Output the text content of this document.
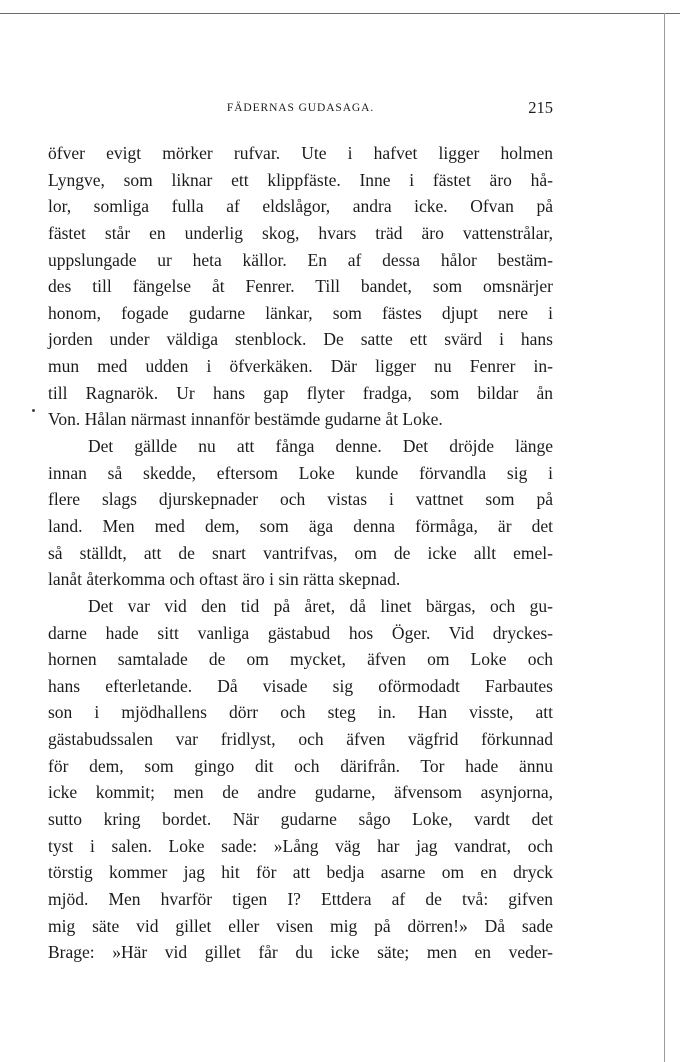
FÄDERNAS GUDASAGA.	215
öfver evigt mörker rufvar. Ute i hafvet ligger holmen
Lyngve, som liknar ett klippfäste. Inne i fästet äro hå-
lor, somliga fulla af eldslågor, andra icke. Ofvan på
fästet står en underlig skog, hvars träd äro vattenstrålar,
uppslungade ur heta källor. En af dessa hålor bestäm-
des till fängelse åt Fenrer. Till bandet, som omsnärjer
honom, fogade gudarne länkar, som fästes djupt nere i
jorden under väldiga stenblock. De satte ett svärd i hans
mun med udden i öfverkäken. Där ligger nu Fenrer in-
till Ragnarök. Ur hans gap flyter fradga, som bildar ån
Von. Hålan närmast innanför bestämde gudarne åt Loke.
Det gällde nu att fånga denne. Det dröjde länge
innan så skedde, eftersom Loke kunde förvandla sig i
flere slags djurskepnader och vistas i vattnet som på
land. Men med dem, som äga denna förmåga, är det
så ställdt, att de snart vantrifvas, om de icke allt emel-
lanåt återkomma och oftast äro i sin rätta skepnad.
Det var vid den tid på året, då linet bärgas, och gu-
darne hade sitt vanliga gästabud hos Öger. Vid dryckes-
hornen samtalade de om mycket, äfven om Loke och
hans efterletande. Då visade sig oförmodadt Farbautes
son i mjödhallens dörr och steg in. Han visste, att
gästabudssalen var fridlyst, och äfven vägfrid förkunnad
för dem, som gingo dit och därifrån. Tor hade ännu
icke kommit; men de andre gudarne, äfvensom asynjorna,
sutto kring bordet. När gudarne sågo Loke, vardt det
tyst i salen. Loke sade: »Lång väg har jag vandrat, och
törstig kommer jag hit för att bedja asarne om en dryck
mjöd. Men hvarför tigen I? Ettdera af de två: gifven
mig säte vid gillet eller visen mig på dörren!» Då sade
Brage: »Här vid gillet får du icke säte; men en veder-
